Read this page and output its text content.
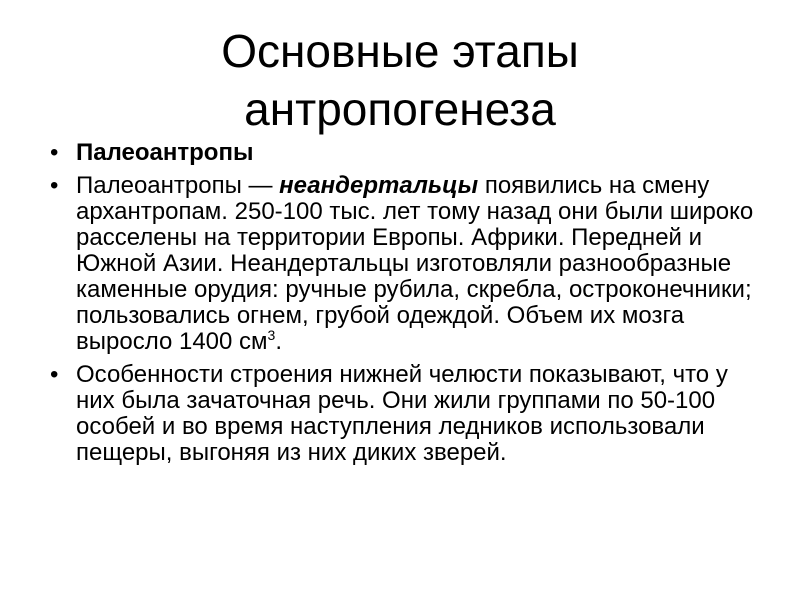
Основные этапы
антропогенеза
• Палеоантропы
• Палеоантропы — неандертальцы появились на смену архантропам. 250-100 тыс. лет тому назад они были широко расселены на территории Европы. Африки. Передней и Южной Азии. Неандертальцы изготовляли разнообразные каменные орудия: ручные рубила, скребла, остроконечники; пользовались огнем, грубой одеждой. Объем их мозга выросло 1400 $см^3$.
• Особенности строения нижней челюсти показывают, что у них была зачаточная речь. Они жили группами по 50-100 особей и во время наступления ледников использовали пещеры, выгоняя из них диких зверей.
